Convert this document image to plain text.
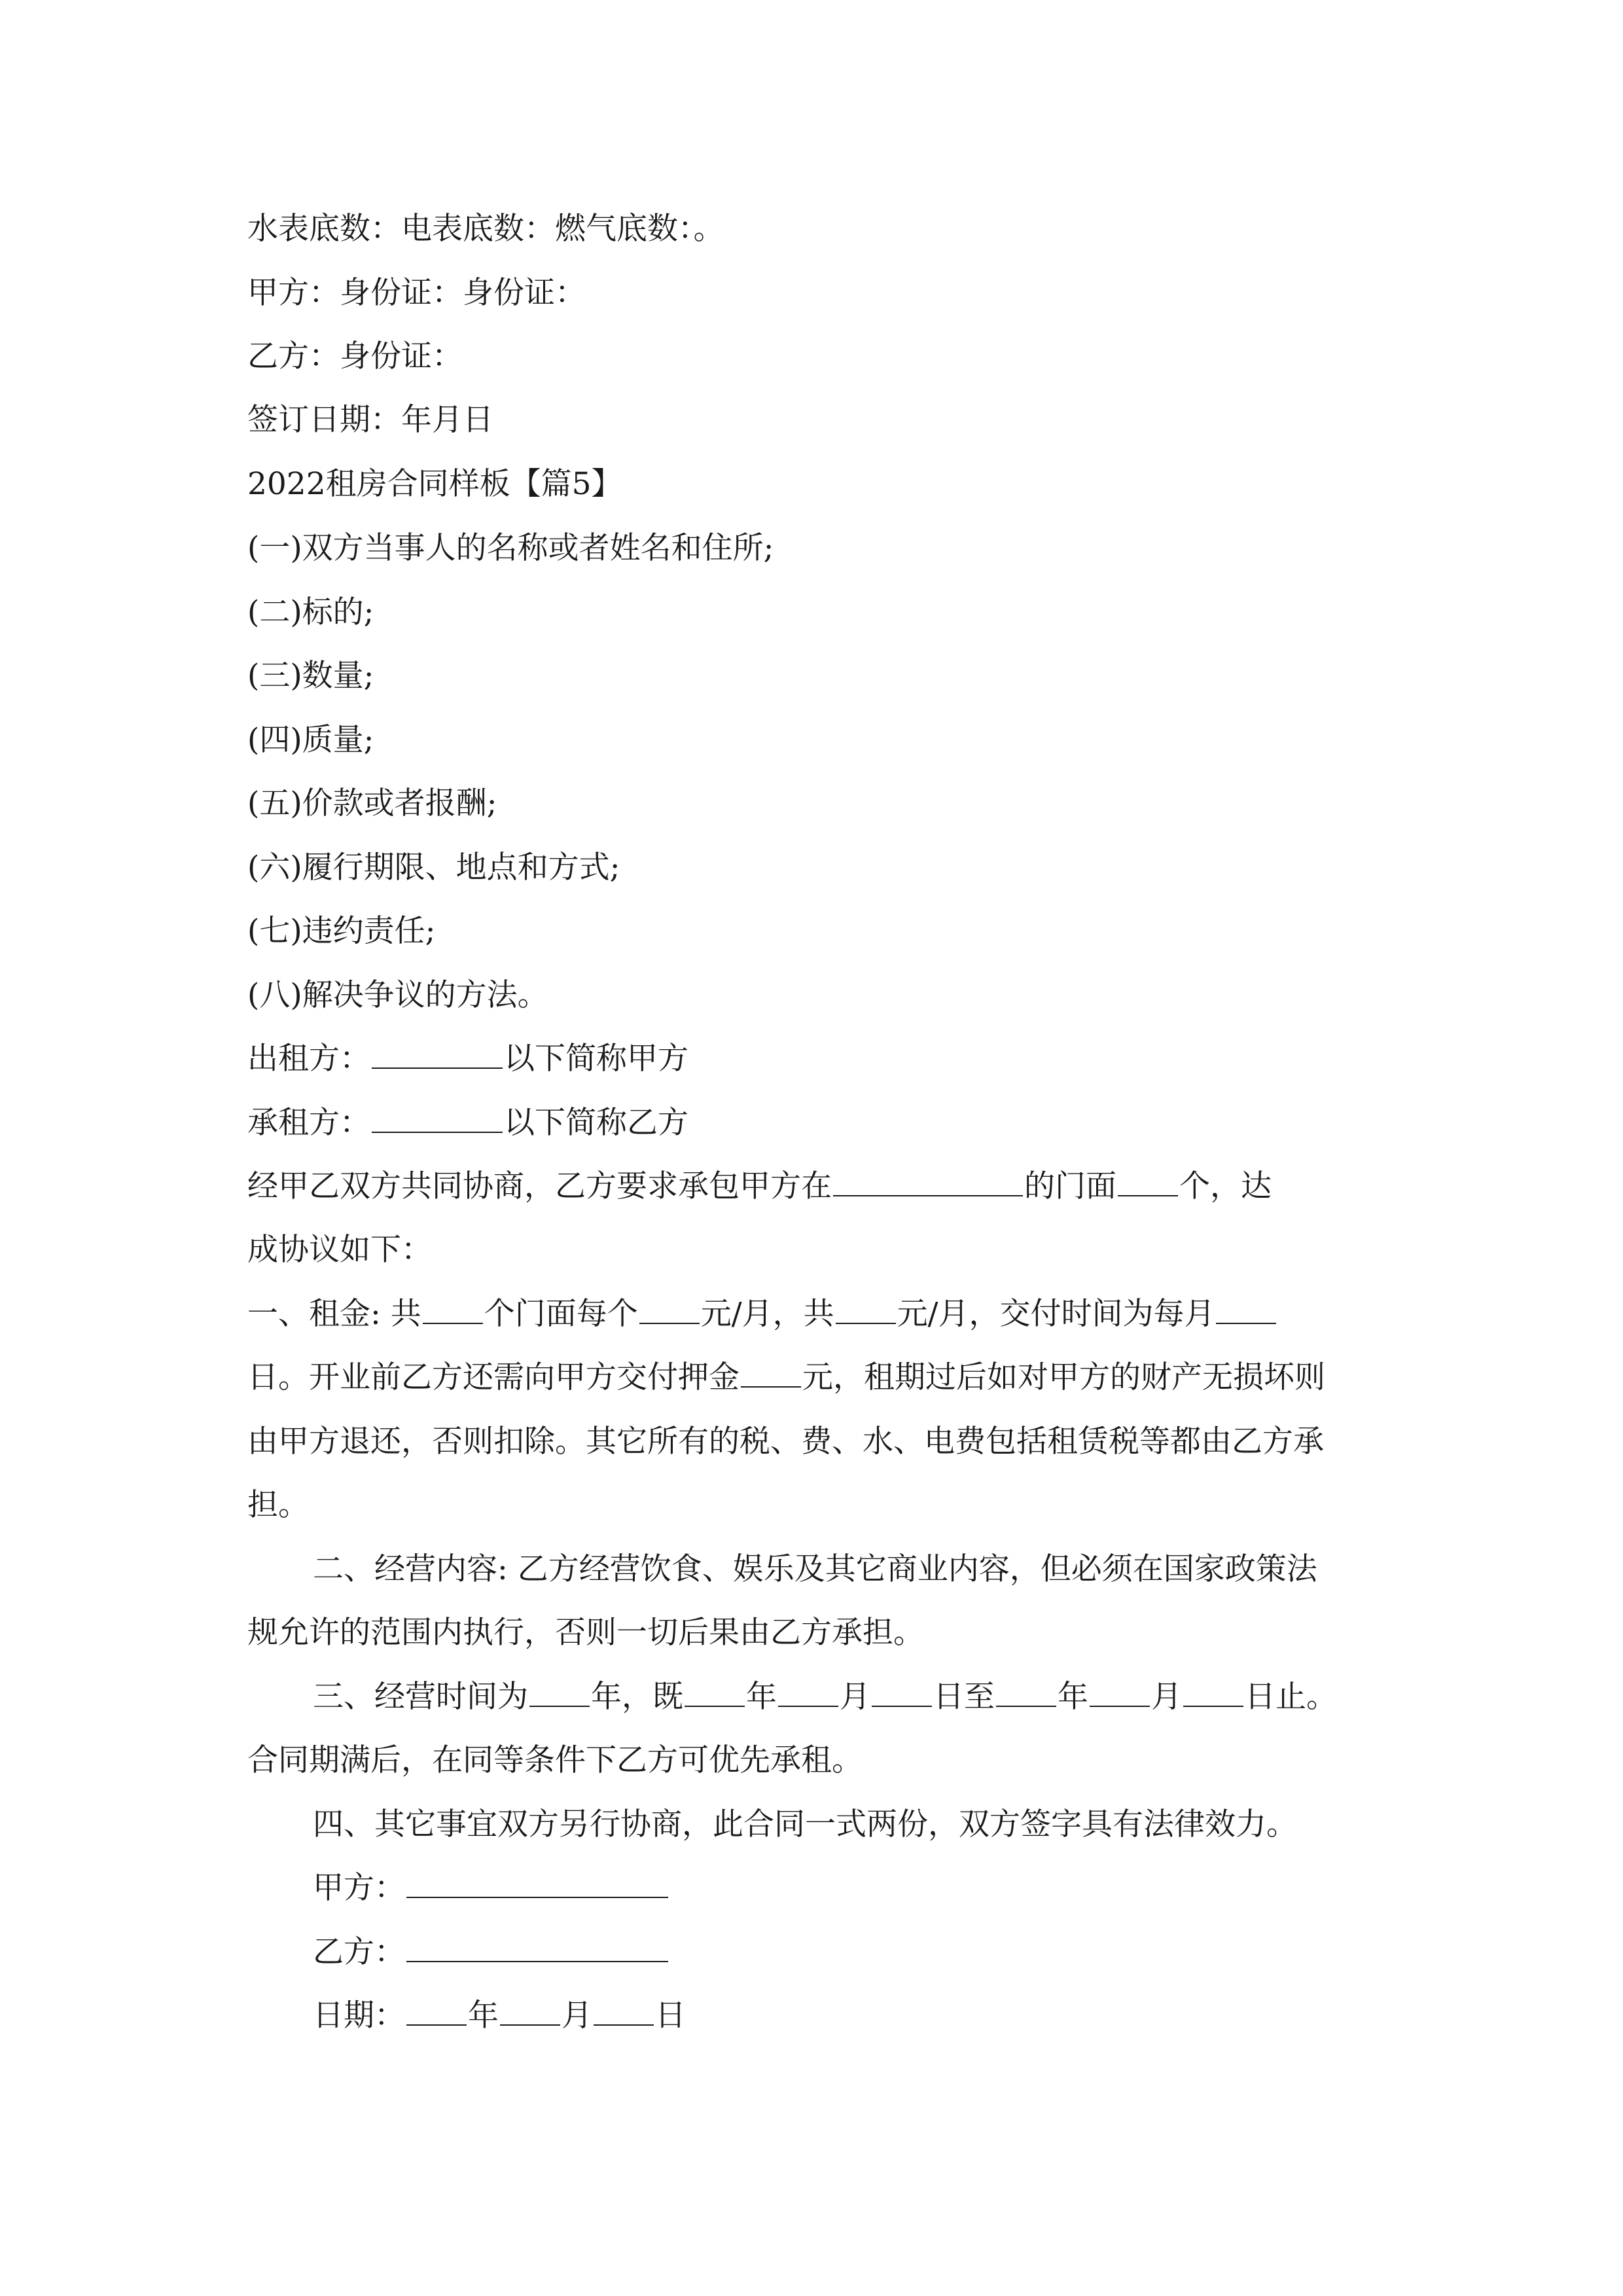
水表底数：电表底数：燃气底数：。
甲方：身份证：身份证：
乙方：身份证：
签订日期：年月日
2022租房合同样板【篇5】
(一)双方当事人的名称或者姓名和住所;
(二)标的;
(三)数量;
(四)质量;
(五)价款或者报酬;
(六)履行期限、地点和方式;
(七)违约责任;
(八)解决争议的方法。
出租方：	以下简称甲方
承租方：	以下简称乙方
经甲乙双方共同协商，乙方要求承包甲方在	的门面 个，达
成协议如下：
一、租金: 共 个门面每个 元/月，共 元/月，交付时间为每月
日。开业前乙方还需向甲方交付押金 元，租期过后如对甲方的财产无损坏则
由甲方退还，否则扣除。其它所有的税、费、水、电费包括租赁税等都由乙方承
担。
二、经营内容: 乙方经营饮食、娱乐及其它商业内容，但必须在国家政策法
规允许的范围内执行，否则一切后果由乙方承担。
三、经营时间为 年，既 年 月 日至 年 月 日止。
合同期满后，在同等条件下乙方可优先承租。
四、其它事宜双方另行协商，此合同一式两份，双方签字具有法律效力。
甲方：
乙方：
日期： 年 月 日
